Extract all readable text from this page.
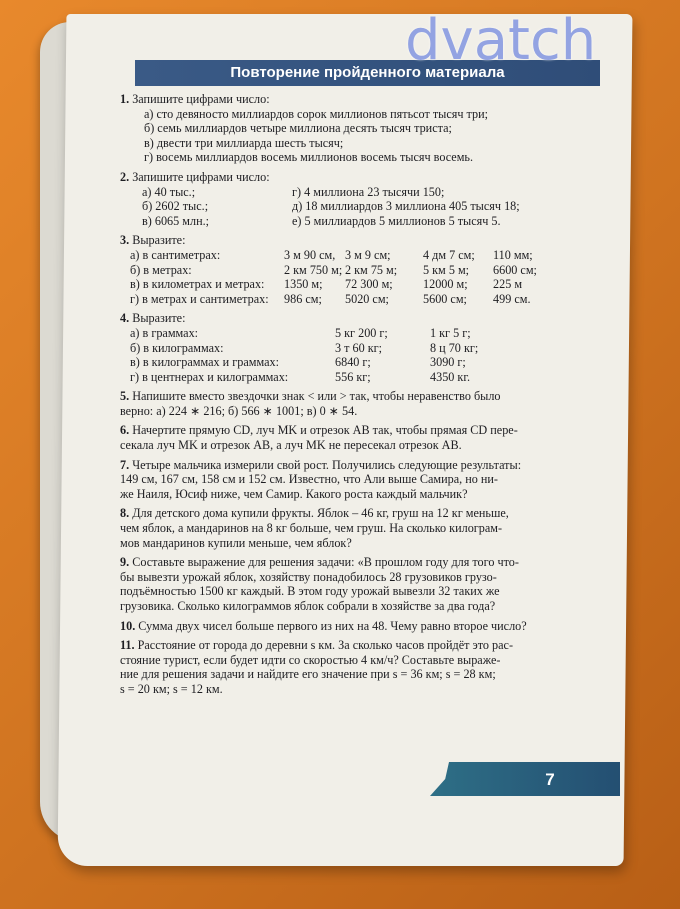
Повторение пройденного материала
1. Запишите цифрами число:
а) сто девяносто миллиардов сорок миллионов пятьсот тысяч три;
б) семь миллиардов четыре миллиона десять тысяч триста;
в) двести три миллиарда шесть тысяч;
г) восемь миллиардов восемь миллионов восемь тысяч восемь.
2. Запишите цифрами число:
а) 40 тыс.;	г) 4 миллиона 23 тысячи 150;
б) 2602 тыс.;	д) 18 миллиардов 3 миллиона 405 тысяч 18;
в) 6065 млн.;	е) 5 миллиардов 5 миллионов 5 тысяч 5.
3. Выразите:
а) в сантиметрах:	3 м 90 см, 3 м 9 см;	4 дм 7 см;	110 мм;
б) в метрах:	2 км 750 м; 2 км 75 м;	5 км 5 м;	6600 см;
в) в километрах и метрах:	1350 м;	72 300 м;	12000 м;	225 м
г) в метрах и сантиметрах:	986 см;	5020 см;	5600 см;	499 см.
4. Выразите:
а) в граммах:	5 кг 200 г;	1 кг 5 г;
б) в килограммах:	3 т 60 кг;	8 ц 70 кг;
в) в килограммах и граммах:	6840 г;	3090 г;
г) в центнерах и килограммах:	556 кг;	4350 кг.
5. Напишите вместо звездочки знак < или > так, чтобы неравенство было
верно: а) 224 ∗ 216; б) 566 ∗ 1001; в) 0 ∗ 54.
6. Начертите прямую CD, луч MK и отрезок AB так, чтобы прямая CD пере-
секала луч MK и отрезок AB, а луч MK не пересекал отрезок AB.
7. Четыре мальчика измерили свой рост. Получились следующие результаты:
149 см, 167 см, 158 см и 152 см. Известно, что Али выше Самира, но ни-
же Наиля, Юсиф ниже, чем Самир. Какого роста каждый мальчик?
8. Для детского дома купили фрукты. Яблок – 46 кг, груш на 12 кг меньше,
чем яблок, а мандаринов на 8 кг больше, чем груш. На сколько килограм-
мов мандаринов купили меньше, чем яблок?
9. Составьте выражение для решения задачи: «В прошлом году для того что-
бы вывезти урожай яблок, хозяйству понадобилось 28 грузовиков грузо-
подъёмностью 1500 кг каждый. В этом году урожай вывезли 32 таких же
грузовика. Сколько килограммов яблок собрали в хозяйстве за два года?
10. Сумма двух чисел больше первого из них на 48. Чему равно второе число?
11. Расстояние от города до деревни s км. За сколько часов пройдёт это рас-
стояние турист, если будет идти со скоростью 4 км/ч? Составьте выраже-
ние для решения задачи и найдите его значение при s = 36 км; s = 28 км;
s = 20 км; s = 12 км.
7
dvatch
